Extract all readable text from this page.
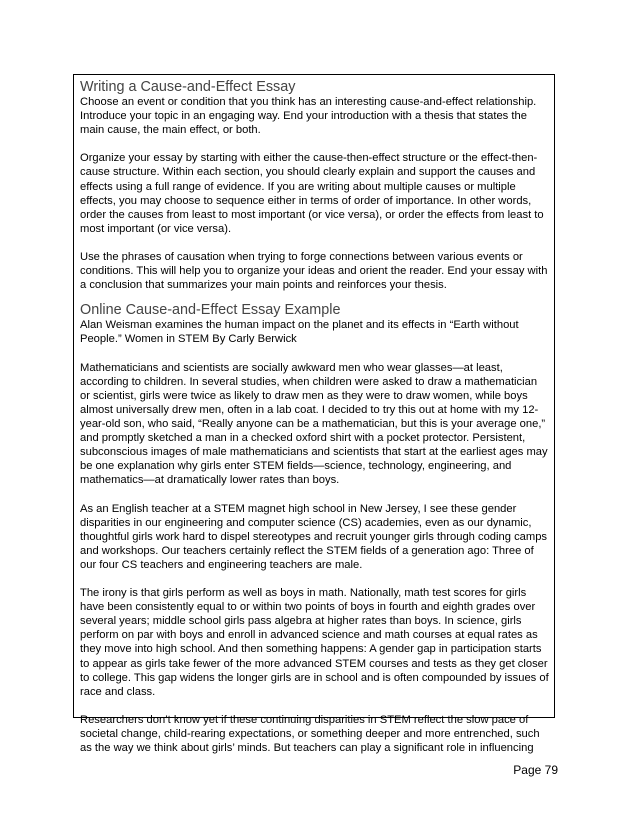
Writing a Cause-and-Effect Essay

Choose an event or condition that you think has an interesting cause-and-effect relationship. Introduce your topic in an engaging way. End your introduction with a thesis that states the main cause, the main effect, or both.

Organize your essay by starting with either the cause-then-effect structure or the effect-then-cause structure. Within each section, you should clearly explain and support the causes and effects using a full range of evidence. If you are writing about multiple causes or multiple effects, you may choose to sequence either in terms of order of importance. In other words, order the causes from least to most important (or vice versa), or order the effects from least to most important (or vice versa).

Use the phrases of causation when trying to forge connections between various events or conditions. This will help you to organize your ideas and orient the reader. End your essay with a conclusion that summarizes your main points and reinforces your thesis.

Online Cause-and-Effect Essay Example

Alan Weisman examines the human impact on the planet and its effects in “Earth without People.” Women in STEM By Carly Berwick

Mathematicians and scientists are socially awkward men who wear glasses—at least, according to children. In several studies, when children were asked to draw a mathematician or scientist, girls were twice as likely to draw men as they were to draw women, while boys almost universally drew men, often in a lab coat. I decided to try this out at home with my 12-year-old son, who said, “Really anyone can be a mathematician, but this is your average one,” and promptly sketched a man in a checked oxford shirt with a pocket protector. Persistent, subconscious images of male mathematicians and scientists that start at the earliest ages may be one explanation why girls enter STEM fields—science, technology, engineering, and mathematics—at dramatically lower rates than boys.

As an English teacher at a STEM magnet high school in New Jersey, I see these gender disparities in our engineering and computer science (CS) academies, even as our dynamic, thoughtful girls work hard to dispel stereotypes and recruit younger girls through coding camps and workshops. Our teachers certainly reflect the STEM fields of a generation ago: Three of our four CS teachers and engineering teachers are male.

The irony is that girls perform as well as boys in math. Nationally, math test scores for girls have been consistently equal to or within two points of boys in fourth and eighth grades over several years; middle school girls pass algebra at higher rates than boys. In science, girls perform on par with boys and enroll in advanced science and math courses at equal rates as they move into high school. And then something happens: A gender gap in participation starts to appear as girls take fewer of the more advanced STEM courses and tests as they get closer to college. This gap widens the longer girls are in school and is often compounded by issues of race and class.

Researchers don’t know yet if these continuing disparities in STEM reflect the slow pace of societal change, child-rearing expectations, or something deeper and more entrenched, such as the way we think about girls’ minds. But teachers can play a significant role in influencing

Page 79
